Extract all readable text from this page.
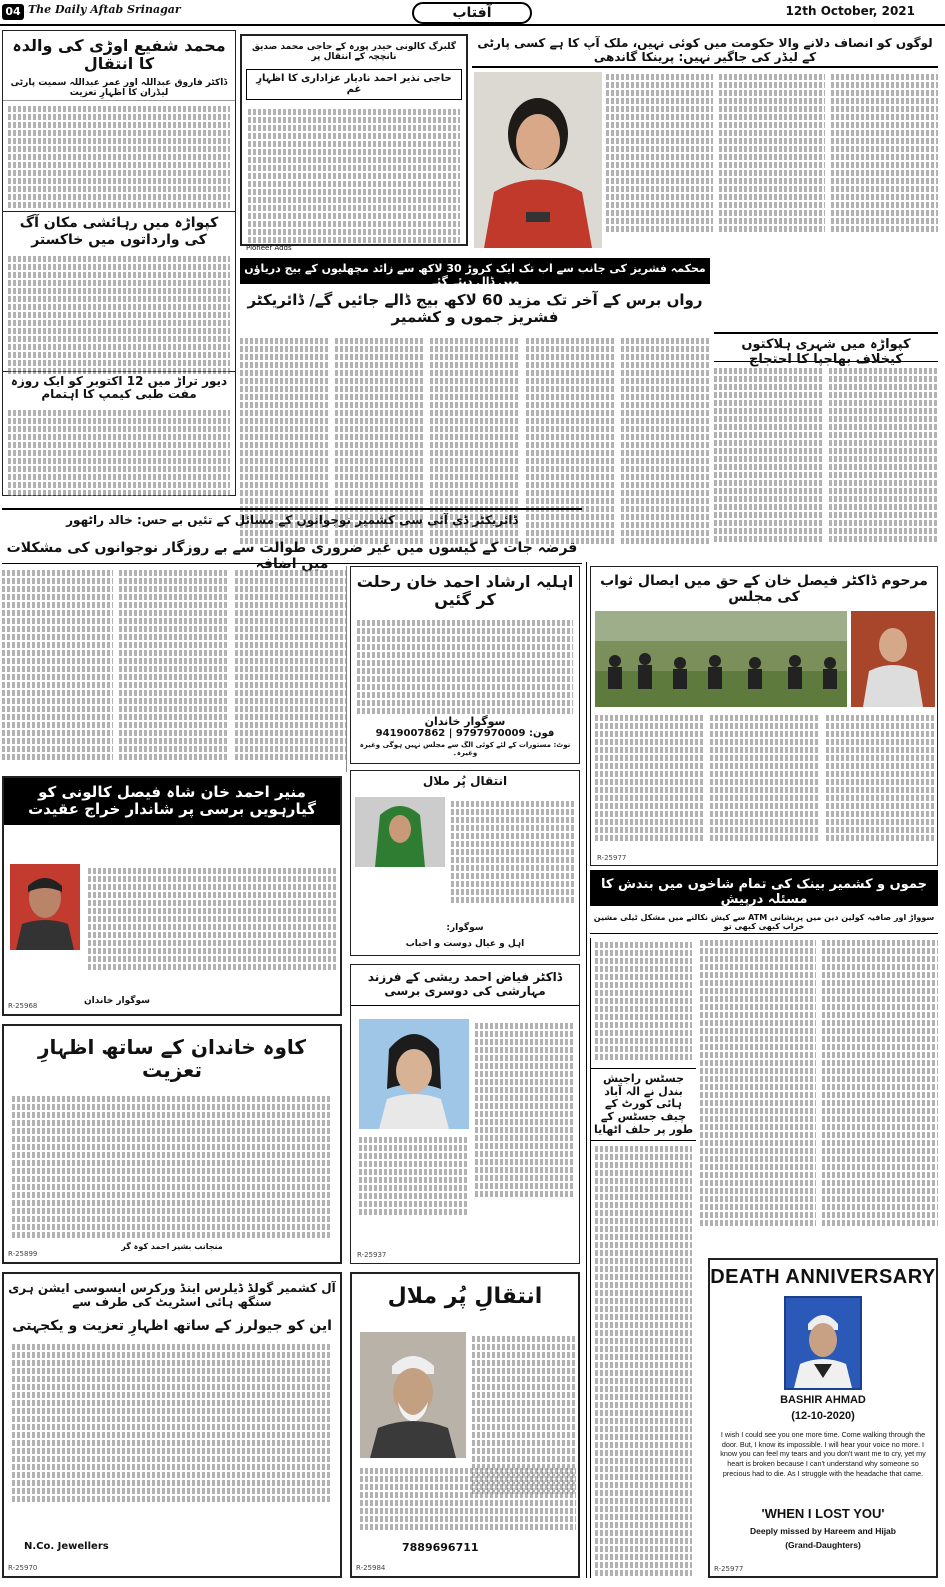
04 The Daily Aftab Srinagar	آفتاب	12th October, 2021
محمد شفیع اوڑی کی والدہ کا انتقال
ڈاکٹر فاروق عبداللہ اور عمر عبداللہ سمیت پارٹی لیڈران کا اظہارِ تعزیت
کپواڑہ میں رہائشی مکان آگ کی وارداتوں میں خاکستر
دیور تراڑ میں 12 اکتوبر کو ایک روزہ مفت طبی کیمپ کا اہتمام
گلبرگ کالونی حیدر پورہ کے حاجی محمد صدیق نانچچہ کے انتقال پر
حاجی نذیر احمد نادیار عزاداری کا اظہارِ غم
Pioneer Adds
لوگوں کو انصاف دلانے والا حکومت میں کوئی نہیں، ملک آپ کا ہے کسی پارٹی کے لیڈر کی جاگیر نہیں: پرینکا گاندھی
محکمہ فشریز کی جانب سے اب تک ایک کروڑ 30 لاکھ سے زائد مچھلیوں کے بیج دریاؤں میں ڈال دیئے گئے
رواں برس کے آخر تک مزید 60 لاکھ بیج ڈالے جائیں گے/ ڈائریکٹر فشریز جموں و کشمیر
کپواڑہ میں شہری ہلاکتوں کیخلاف بھاجپا کا احتجاج
ڈائریکٹر ڈی آئی سی کشمیر نوجوانوں کے مسائل کے تئیں بے حس: خالد راٹھور
قرضہ جات کے کیسوں میں غیر ضروری طوالت سے بے روزگار نوجوانوں کی مشکلات میں اضافہ
اہلیہ ارشاد احمد خان رحلت کر گئیں
سوگوار خاندان
فون: 9797970009 | 9419007862
نوٹ: مستورات کے لئے کوئی الگ سے مجلس نہیں ہوگی وغیرہ وغیرہ۔
مرحوم ڈاکٹر فیصل خان کے حق میں ایصال ثواب کی مجلس
R-25977
منیر احمد خان شاہ فیصل کالونی کو
گیارہویں برسی پر شاندار خراج عقیدت
سوگوار خاندان
R-25968
انتقال پُر ملال
سوگوار:
اہل و عیال دوست و احباب
ڈاکٹر فیاض احمد ریشی کے فرزند مہارشی کی دوسری برسی
R-25937
جموں و کشمیر بینک کی تمام شاخوں میں بندش کا مسئلہ درپیش
سوواڑ اور صافیہ کولین دین میں پریشانی ATM سے کیش نکالنے میں مشکل ٹیلی مشین خراب کبھی کبھی تو
جسٹس راجیش بندل نے الہ آباد ہائی کورٹ کے چیف جسٹس کے طور پر حلف اٹھایا
کاوہ خاندان کے ساتھ اظہارِ تعزیت
منجانب بشیر احمد کوہ گر
R-25899
آل کشمیر گولڈ ڈیلرس اینڈ ورکرس ایسوسی ایشن ہری سنگھ ہائی اسٹریٹ کی طرف سے
این کو جیولرز کے ساتھ اظہارِ تعزیت و یکجہتی
N.Co. Jewellers
R-25970
انتقالِ پُر ملال
7889696711
R-25984
DEATH ANNIVERSARY
BASHIR AHMAD
(12-10-2020)
I wish I could see you one more time. Come walking through the door. But, I know its impossible. I will hear your voice no more. I know you can feel my tears and you don't want me to cry, yet my heart is broken because I can't understand why someone so precious had to die. As I struggle with the headache that came.
'WHEN I LOST YOU'
Deeply missed by Hareem and Hijab
(Grand-Daughters)
R-25977
